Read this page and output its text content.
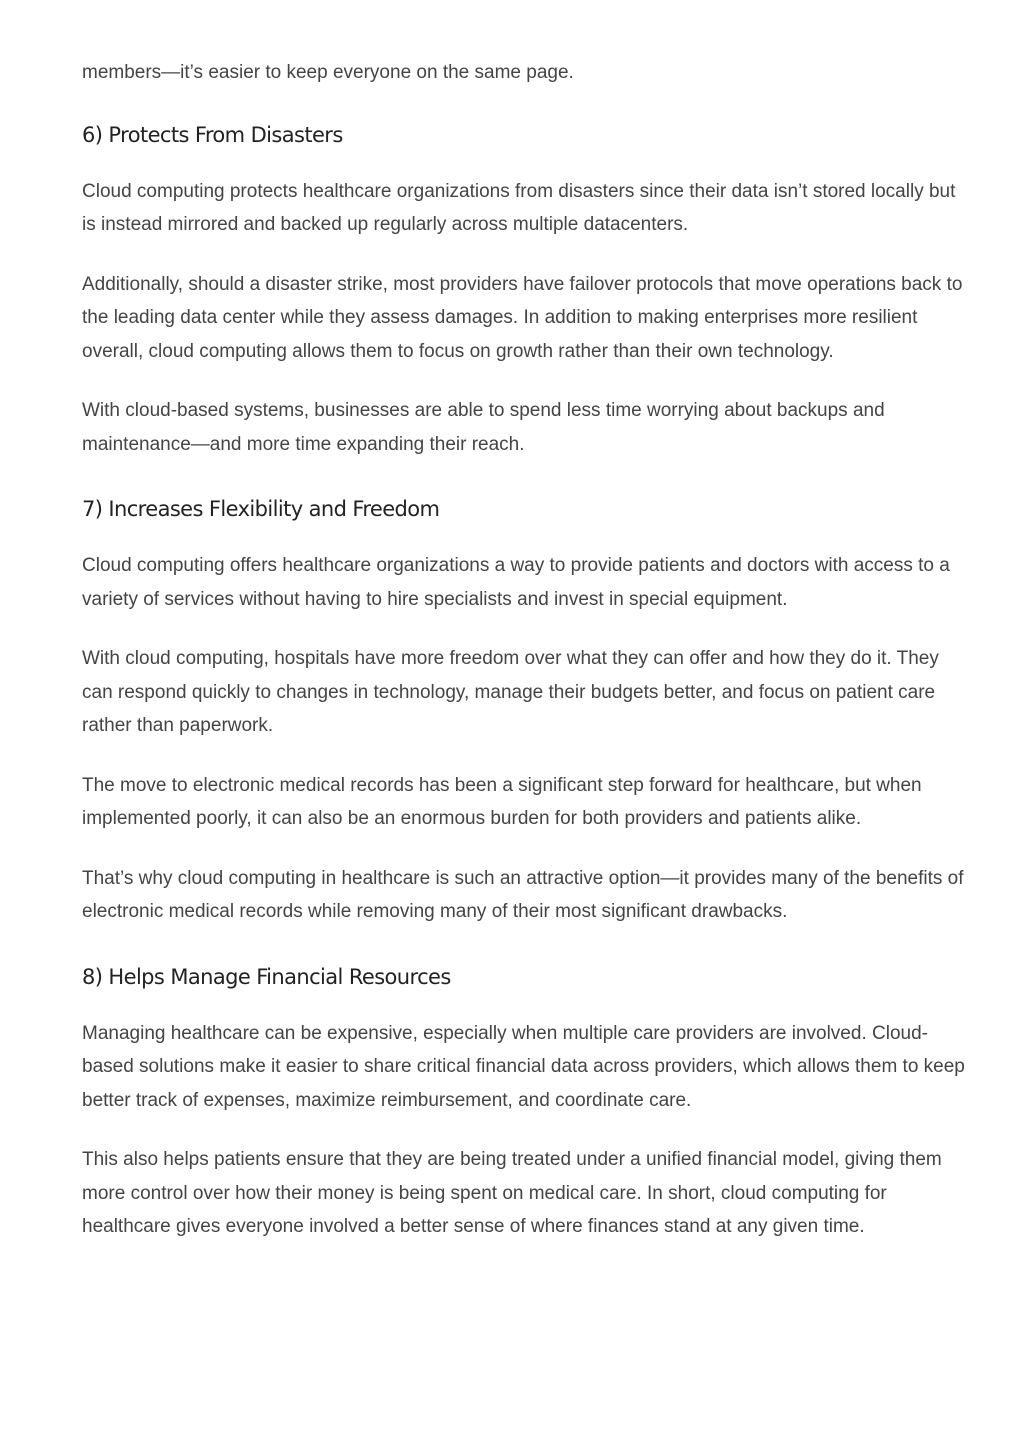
members—it’s easier to keep everyone on the same page.

6) Protects From Disasters

Cloud computing protects healthcare organizations from disasters since their data isn’t stored locally but is instead mirrored and backed up regularly across multiple datacenters.

Additionally, should a disaster strike, most providers have failover protocols that move operations back to the leading data center while they assess damages. In addition to making enterprises more resilient overall, cloud computing allows them to focus on growth rather than their own technology.

With cloud-based systems, businesses are able to spend less time worrying about backups and maintenance—and more time expanding their reach.

7) Increases Flexibility and Freedom

Cloud computing offers healthcare organizations a way to provide patients and doctors with access to a variety of services without having to hire specialists and invest in special equipment.

With cloud computing, hospitals have more freedom over what they can offer and how they do it. They can respond quickly to changes in technology, manage their budgets better, and focus on patient care rather than paperwork.

The move to electronic medical records has been a significant step forward for healthcare, but when implemented poorly, it can also be an enormous burden for both providers and patients alike.

That’s why cloud computing in healthcare is such an attractive option—it provides many of the benefits of electronic medical records while removing many of their most significant drawbacks.

8) Helps Manage Financial Resources

Managing healthcare can be expensive, especially when multiple care providers are involved. Cloud-based solutions make it easier to share critical financial data across providers, which allows them to keep better track of expenses, maximize reimbursement, and coordinate care.

This also helps patients ensure that they are being treated under a unified financial model, giving them more control over how their money is being spent on medical care. In short, cloud computing for healthcare gives everyone involved a better sense of where finances stand at any given time.
